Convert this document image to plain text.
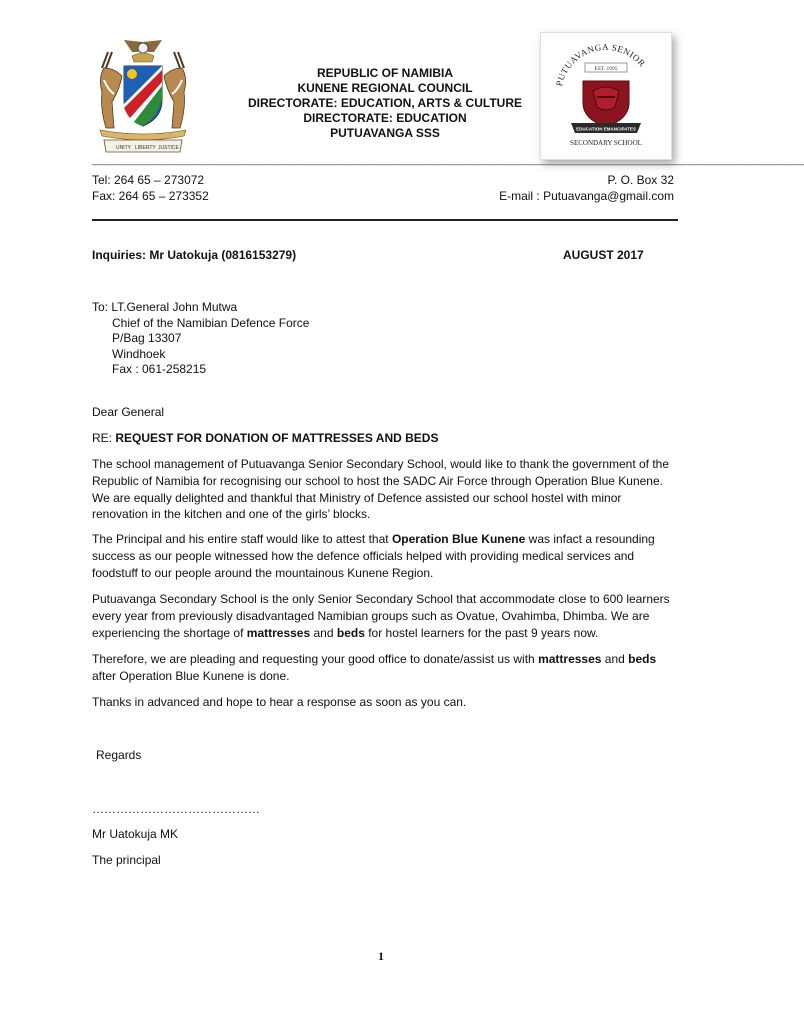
UNITY LIBERTY JUSTICE
REPUBLIC OF NAMIBIA
KUNENE REGIONAL COUNCIL
DIRECTORATE: EDUCATION, ARTS & CULTURE
DIRECTORATE: EDUCATION
PUTUAVANGA SSS
PUTUAVANGA SENIOR
EST. 1995
EDUCATION EMANCIPATES
SECONDARY SCHOOL
________________________________________________________________________________________________________________________________
Tel: 264 65 – 273072	P. O. Box 32
Fax: 264 65 – 273352	E-mail : Putuavanga@gmail.com
Inquiries: Mr Uatokuja (0816153279)	AUGUST 2017
To: LT.General John Mutwa
Chief of the Namibian Defence Force
P/Bag 13307
Windhoek
Fax : 061-258215
Dear General
RE: REQUEST FOR DONATION OF MATTRESSES AND BEDS

The school management of Putuavanga Senior Secondary School, would like to thank the government of the Republic of Namibia for recognising our school to host the SADC Air Force through Operation Blue Kunene. We are equally delighted and thankful that Ministry of Defence assisted our school hostel with minor renovation in the kitchen and one of the girls’ blocks.

The Principal and his entire staff would like to attest that Operation Blue Kunene was infact a resounding success as our people witnessed how the defence officials helped with providing medical services and foodstuff to our people around the mountainous Kunene Region.

Putuavanga Secondary School is the only Senior Secondary School that accommodate close to 600 learners every year from previously disadvantaged Namibian groups such as Ovatue, Ovahimba, Dhimba. We are experiencing the shortage of mattresses and beds for hostel learners for the past 9 years now.

Therefore, we are pleading and requesting your good office to donate/assist us with mattresses and beds after Operation Blue Kunene is done.

Thanks in advanced and hope to hear a response as soon as you can.

Regards
……………………………………
Mr Uatokuja MK
The principal
1
